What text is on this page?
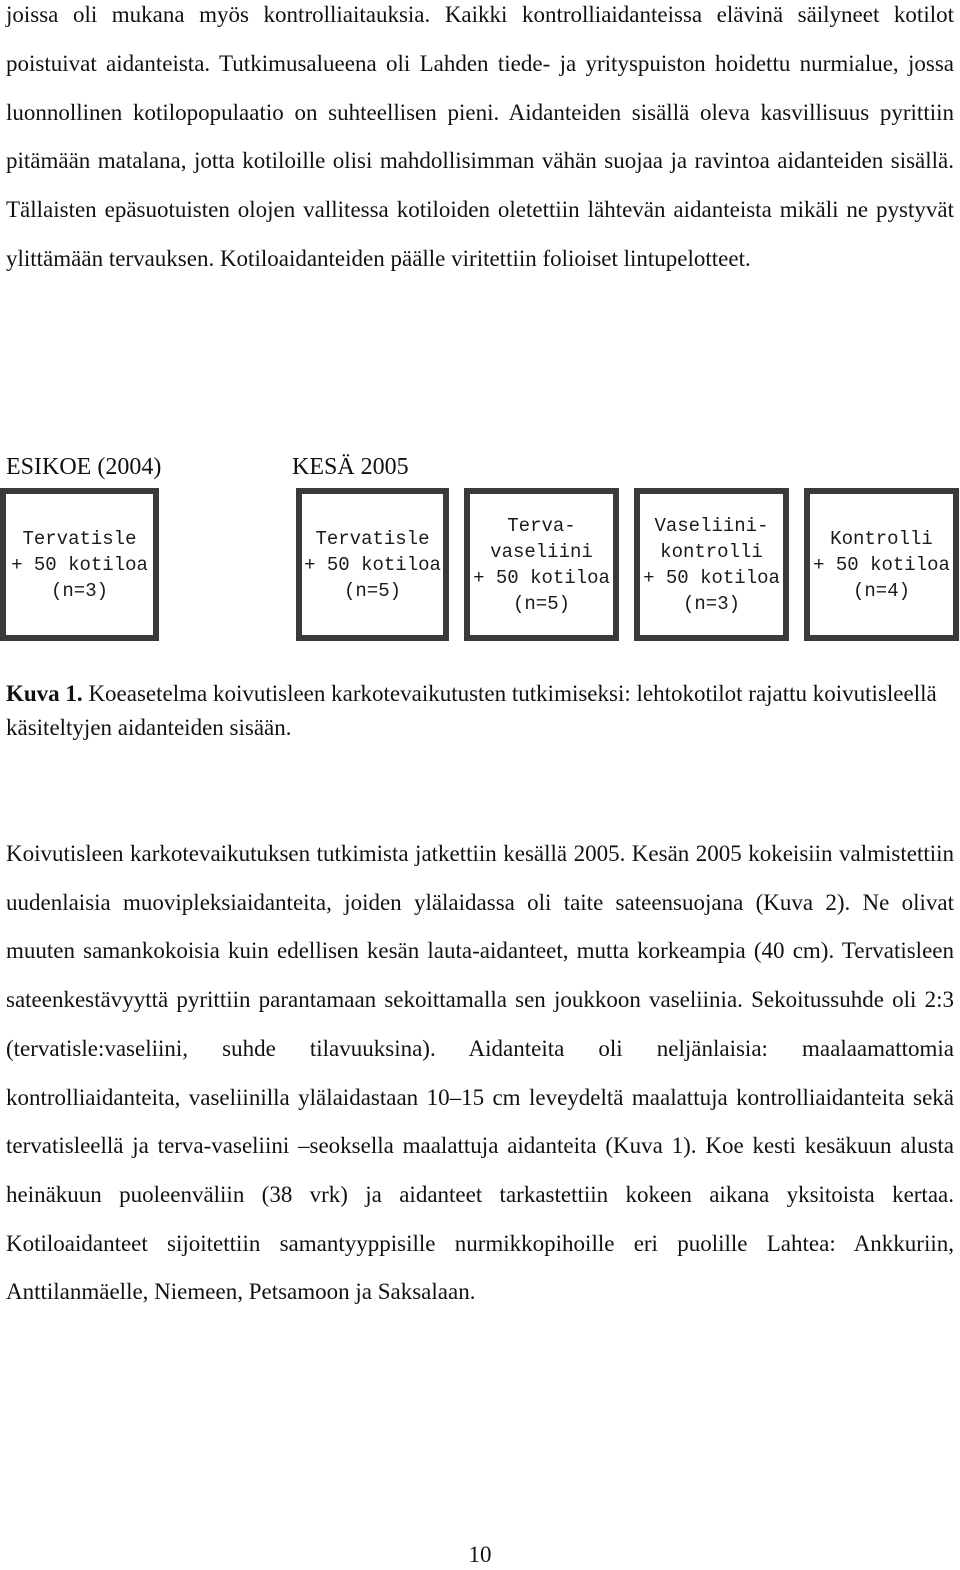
joissa oli mukana myös kontrolliaitauksia. Kaikki kontrolliaidanteissa elävinä säilyneet kotilot poistuivat aidanteista. Tutkimusalueena oli Lahden tiede- ja yrityspuiston hoidettu nurmialue, jossa luonnollinen kotilopopulaatio on suhteellisen pieni. Aidanteiden sisällä oleva kasvillisuus pyrittiin pitämään matalana, jotta kotiloille olisi mahdollisimman vähän suojaa ja ravintoa aidanteiden sisällä. Tällaisten epäsuotuisten olojen vallitessa kotiloiden oletettiin lähtevän aidanteista mikäli ne pystyvät ylittämään tervauksen. Kotiloaidanteiden päälle viritettiin folioiset lintupelotteet.

ESIKOE (2004)	KESÄ 2005
Tervatisle
+ 50 kotiloa
(n=3)
Tervatisle
+ 50 kotiloa
(n=5)
Terva-
vaseliini
+ 50 kotiloa
(n=5)
Vaseliini-
kontrolli
+ 50 kotiloa
(n=3)
Kontrolli
+ 50 kotiloa
(n=4)

Kuva 1. Koeasetelma koivutisleen karkotevaikutusten tutkimiseksi: lehtokotilot rajattu koivutisleellä käsiteltyjen aidanteiden sisään.

Koivutisleen karkotevaikutuksen tutkimista jatkettiin kesällä 2005. Kesän 2005 kokeisiin valmistettiin uudenlaisia muovipleksiaidanteita, joiden ylälaidassa oli taite sateensuojana (Kuva 2). Ne olivat muuten samankokoisia kuin edellisen kesän lauta-aidanteet, mutta korkeampia (40 cm). Tervatisleen sateenkestävyyttä pyrittiin parantamaan sekoittamalla sen joukkoon vaseliinia. Sekoitussuhde oli 2:3 (tervatisle:vaseliini, suhde tilavuuksina). Aidanteita oli neljänlaisia: maalaamattomia kontrolliaidanteita, vaseliinilla ylälaidastaan 10–15 cm leveydeltä maalattuja kontrolliaidanteita sekä tervatisleellä ja terva-vaseliini –seoksella maalattuja aidanteita (Kuva 1). Koe kesti kesäkuun alusta heinäkuun puoleenväliin (38 vrk) ja aidanteet tarkastettiin kokeen aikana yksitoista kertaa. Kotiloaidanteet sijoitettiin samantyyppisille nurmikkopihoille eri puolille Lahtea: Ankkuriin, Anttilanmäelle, Niemeen, Petsamoon ja Saksalaan.

10
